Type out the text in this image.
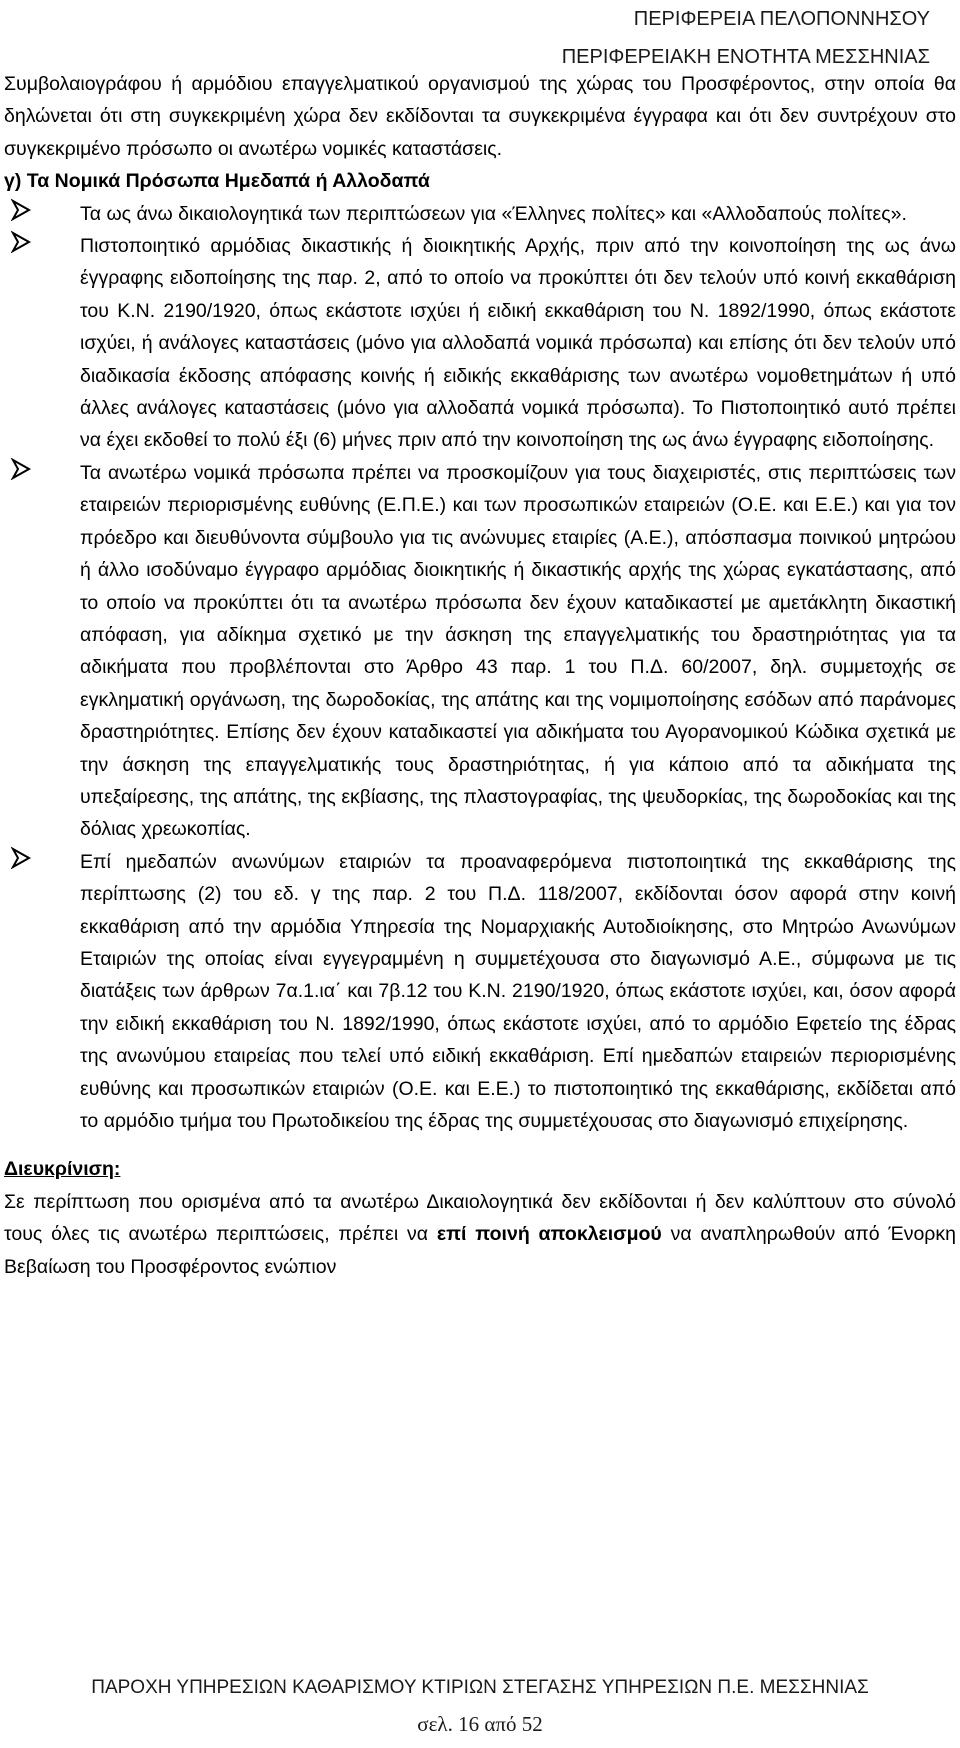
ΠΕΡΙΦΕΡΕΙΑ ΠΕΛΟΠΟΝΝΗΣΟΥ
ΠΕΡΙΦΕΡΕΙΑΚΗ ΕΝΟΤΗΤΑ ΜΕΣΣΗΝΙΑΣ
Συμβολαιογράφου ή αρμόδιου επαγγελματικού οργανισμού της χώρας του Προσφέροντος, στην οποία θα δηλώνεται ότι στη συγκεκριμένη χώρα δεν εκδίδονται τα συγκεκριμένα έγγραφα και ότι δεν συντρέχουν στο συγκεκριμένο πρόσωπο οι ανωτέρω νομικές καταστάσεις.
γ) Τα Νομικά Πρόσωπα Ημεδαπά ή Αλλοδαπά
Τα ως άνω δικαιολογητικά των περιπτώσεων για «Έλληνες πολίτες» και «Αλλοδαπούς πολίτες».
Πιστοποιητικό αρμόδιας δικαστικής ή διοικητικής Αρχής, πριν από την κοινοποίηση της ως άνω έγγραφης ειδοποίησης της παρ. 2, από το οποίο να προκύπτει ότι δεν τελούν υπό κοινή εκκαθάριση του Κ.Ν. 2190/1920, όπως εκάστοτε ισχύει ή ειδική εκκαθάριση του Ν. 1892/1990, όπως εκάστοτε ισχύει, ή ανάλογες καταστάσεις (μόνο για αλλοδαπά νομικά πρόσωπα) και επίσης ότι δεν τελούν υπό διαδικασία έκδοσης απόφασης κοινής ή ειδικής εκκαθάρισης των ανωτέρω νομοθετημάτων ή υπό άλλες ανάλογες καταστάσεις (μόνο για αλλοδαπά νομικά πρόσωπα). Το Πιστοποιητικό αυτό πρέπει να έχει εκδοθεί το πολύ έξι (6) μήνες πριν από την κοινοποίηση της ως άνω έγγραφης ειδοποίησης.
Τα ανωτέρω νομικά πρόσωπα πρέπει να προσκομίζουν για τους διαχειριστές, στις περιπτώσεις των εταιρειών περιορισμένης ευθύνης (Ε.Π.Ε.) και των προσωπικών εταιρειών (Ο.Ε. και Ε.Ε.) και για τον πρόεδρο και διευθύνοντα σύμβουλο για τις ανώνυμες εταιρίες (Α.Ε.), απόσπασμα ποινικού μητρώου ή άλλο ισοδύναμο έγγραφο αρμόδιας διοικητικής ή δικαστικής αρχής της χώρας εγκατάστασης, από το οποίο να προκύπτει ότι τα ανωτέρω πρόσωπα δεν έχουν καταδικαστεί με αμετάκλητη δικαστική απόφαση, για αδίκημα σχετικό με την άσκηση της επαγγελματικής του δραστηριότητας για τα αδικήματα που προβλέπονται στο Άρθρο 43 παρ. 1 του Π.Δ. 60/2007, δηλ. συμμετοχής σε εγκληματική οργάνωση, της δωροδοκίας, της απάτης και της νομιμοποίησης εσόδων από παράνομες δραστηριότητες. Επίσης δεν έχουν καταδικαστεί για αδικήματα του Αγορανομικού Κώδικα σχετικά με την άσκηση της επαγγελματικής τους δραστηριότητας, ή για κάποιο από τα αδικήματα της υπεξαίρεσης, της απάτης, της εκβίασης, της πλαστογραφίας, της ψευδορκίας, της δωροδοκίας και της δόλιας χρεωκοπίας.
Επί ημεδαπών ανωνύμων εταιριών τα προαναφερόμενα πιστοποιητικά της εκκαθάρισης της περίπτωσης (2) του εδ. γ της παρ. 2 του Π.Δ. 118/2007, εκδίδονται όσον αφορά στην κοινή εκκαθάριση από την αρμόδια Υπηρεσία της Νομαρχιακής Αυτοδιοίκησης, στο Μητρώο Ανωνύμων Εταιριών της οποίας είναι εγγεγραμμένη η συμμετέχουσα στο διαγωνισμό Α.Ε., σύμφωνα με τις διατάξεις των άρθρων 7α.1.ια΄ και 7β.12 του Κ.Ν. 2190/1920, όπως εκάστοτε ισχύει, και, όσον αφορά την ειδική εκκαθάριση του Ν. 1892/1990, όπως εκάστοτε ισχύει, από το αρμόδιο Εφετείο της έδρας της ανωνύμου εταιρείας που τελεί υπό ειδική εκκαθάριση. Επί ημεδαπών εταιρειών περιορισμένης ευθύνης και προσωπικών εταιριών (Ο.Ε. και Ε.Ε.) το πιστοποιητικό της εκκαθάρισης, εκδίδεται από το αρμόδιο τμήμα του Πρωτοδικείου της έδρας της συμμετέχουσας στο διαγωνισμό επιχείρησης.
Διευκρίνιση:
Σε περίπτωση που ορισμένα από τα ανωτέρω Δικαιολογητικά δεν εκδίδονται ή δεν καλύπτουν στο σύνολό τους όλες τις ανωτέρω περιπτώσεις, πρέπει να επί ποινή αποκλεισμού να αναπληρωθούν από Ένορκη Βεβαίωση του Προσφέροντος ενώπιον
ΠΑΡΟΧΗ ΥΠΗΡΕΣΙΩΝ ΚΑΘΑΡΙΣΜΟΥ ΚΤΙΡΙΩΝ ΣΤΕΓΑΣΗΣ ΥΠΗΡΕΣΙΩΝ Π.Ε. ΜΕΣΣΗΝΙΑΣ
σελ. 16 από 52
